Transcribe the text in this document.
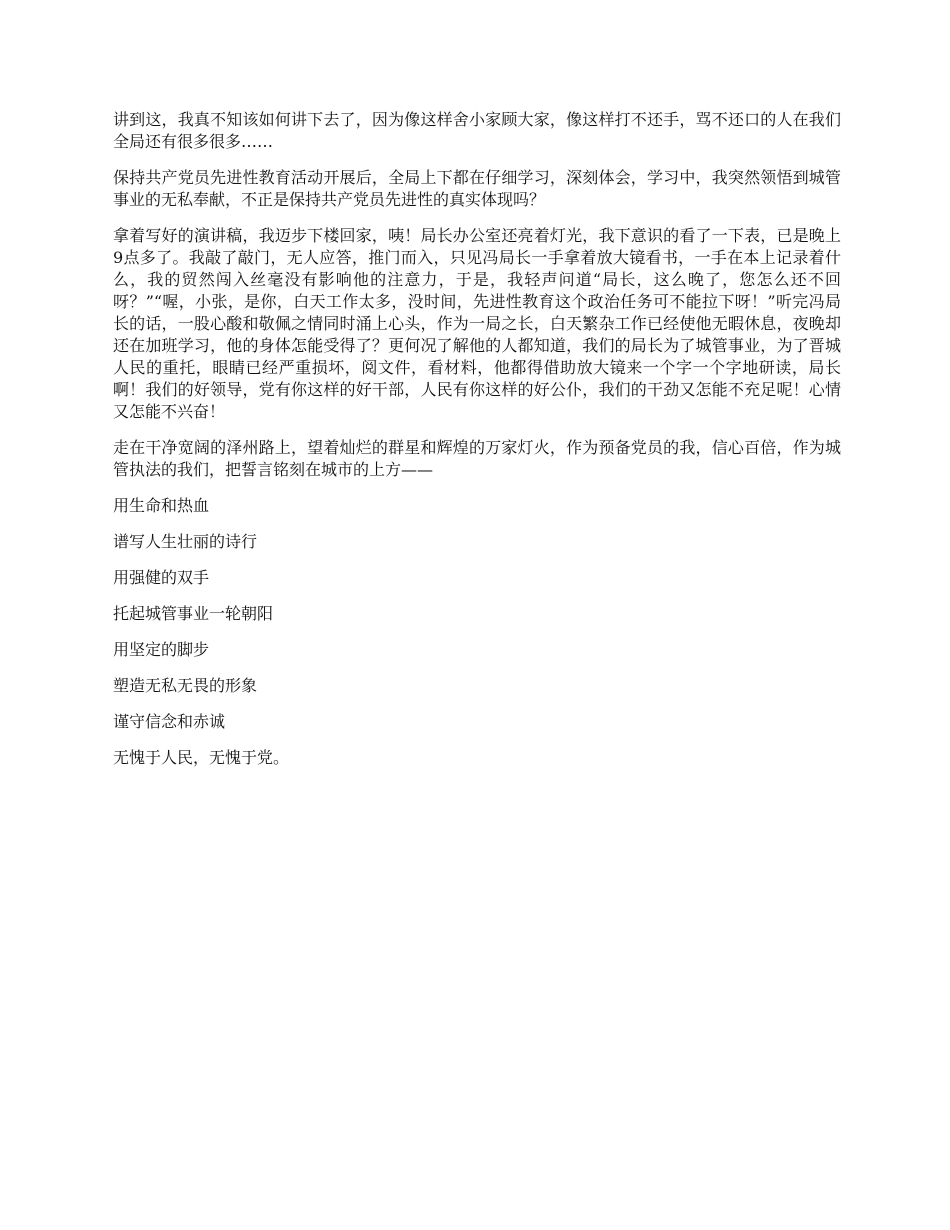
讲到这，我真不知该如何讲下去了，因为像这样舍小家顾大家，像这样打不还手，骂不还口的人在我们全局还有很多很多……

保持共产党员先进性教育活动开展后，全局上下都在仔细学习，深刻体会，学习中，我突然领悟到城管事业的无私奉献，不正是保持共产党员先进性的真实体现吗？

拿着写好的演讲稿，我迈步下楼回家，咦！局长办公室还亮着灯光，我下意识的看了一下表，已是晚上9点多了。我敲了敲门，无人应答，推门而入，只见冯局长一手拿着放大镜看书，一手在本上记录着什么，我的贸然闯入丝毫没有影响他的注意力，于是，我轻声问道“局长，这么晚了，您怎么还不回呀？”“喔，小张，是你，白天工作太多，没时间，先进性教育这个政治任务可不能拉下呀！”听完冯局长的话，一股心酸和敬佩之情同时涌上心头，作为一局之长，白天繁杂工作已经使他无暇休息，夜晚却还在加班学习，他的身体怎能受得了？更何况了解他的人都知道，我们的局长为了城管事业，为了晋城人民的重托，眼睛已经严重损坏，阅文件，看材料，他都得借助放大镜来一个字一个字地研读，局长啊！我们的好领导，党有你这样的好干部，人民有你这样的好公仆，我们的干劲又怎能不充足呢！心情又怎能不兴奋！

走在干净宽阔的泽州路上，望着灿烂的群星和辉煌的万家灯火，作为预备党员的我，信心百倍，作为城管执法的我们，把誓言铭刻在城市的上方——

用生命和热血

谱写人生壮丽的诗行

用强健的双手

托起城管事业一轮朝阳

用坚定的脚步

塑造无私无畏的形象

谨守信念和赤诚

无愧于人民，无愧于党。
